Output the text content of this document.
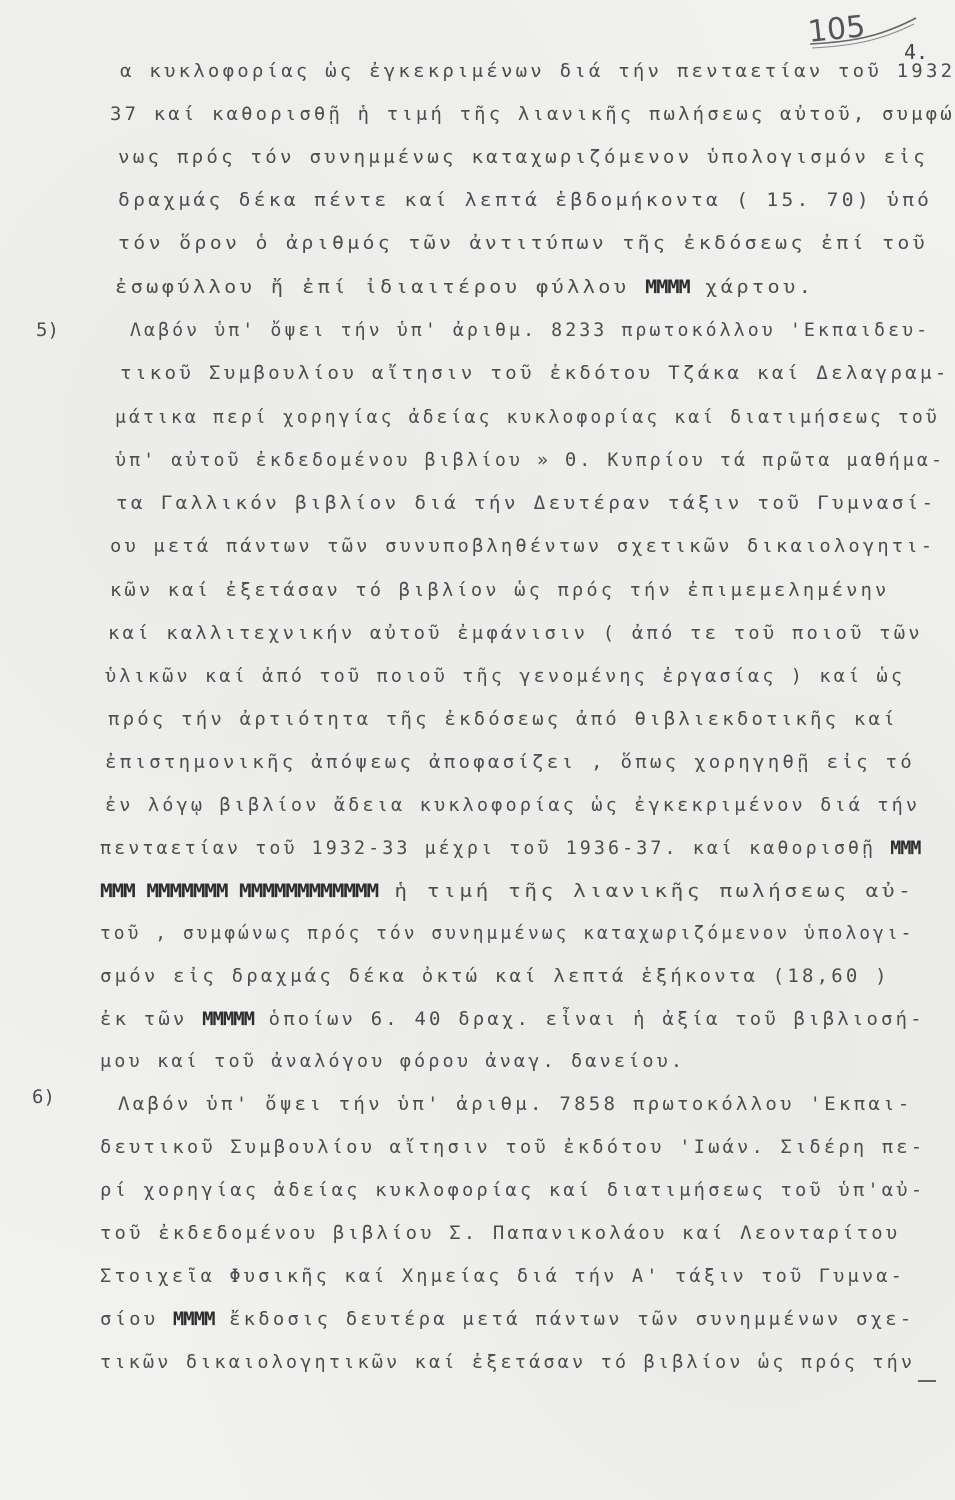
105
4.
5)
6)
α κυκλοφορίας ὡς ἐγκεκριμένων διά τήν πενταετίαν τοῦ 1932
37 καί καθορισθῇ ἡ τιμή τῆς λιανικῆς πωλήσεως αὐτοῦ, συμφώ
νως πρός τόν συνημμένως καταχωριζόμενον ὑπολογισμόν εἰς
δραχμάς δέκα πέντε καί λεπτά ἑβδομήκοντα ( 15. 70) ὑπό
τόν ὅρον ὁ ἀριθμός τῶν ἀντιτύπων τῆς ἐκδόσεως ἐπί τοῦ
ἐσωφύλλου ἤ ἐπί ἰδιαιτέρου φύλλου ΜΜΜΜ χάρτου.
Λαβόν ὑπ' ὄψει τήν ὑπ' ἀριθμ. 8233 πρωτοκόλλου 'Εκπαιδευ-
τικοῦ Συμβουλίου αἴτησιν τοῦ ἐκδότου Τζάκα καί Δελαγραμ-
μάτικα περί χορηγίας ἀδείας κυκλοφορίας καί διατιμήσεως τοῦ
ὑπ' αὐτοῦ ἐκδεδομένου βιβλίου » Θ. Κυπρίου τά πρῶτα μαθήμα-
τα Γαλλικόν βιβλίον διά τήν Δευτέραν τάξιν τοῦ Γυμνασί-
ου μετά πάντων τῶν συνυποβληθέντων σχετικῶν δικαιολογητι-
κῶν καί ἐξετάσαν τό βιβλίον ὡς πρός τήν ἐπιμεμελημένην
καί καλλιτεχνικήν αὐτοῦ ἐμφάνισιν ( ἀπό τε τοῦ ποιοῦ τῶν
ὑλικῶν καί ἀπό τοῦ ποιοῦ τῆς γενομένης ἐργασίας ) καί ὡς
πρός τήν ἀρτιότητα τῆς ἐκδόσεως ἀπό θιβλιεκδοτικῆς καί
ἐπιστημονικῆς ἀπόψεως ἀποφασίζει , ὅπως χορηγηθῇ εἰς τό
ἐν λόγῳ βιβλίον ἄδεια κυκλοφορίας ὡς ἐγκεκριμένον διά τήν
πενταετίαν τοῦ 1932-33 μέχρι τοῦ 1936-37. καί καθορισθῇ ΜΜΜ
ΜΜΜ ΜΜΜΜΜΜΜ ΜΜΜΜΜΜΜΜΜΜΜΜ ἡ τιμή τῆς λιανικῆς πωλήσεως αὐ-
τοῦ , συμφώνως πρός τόν συνημμένως καταχωριζόμενον ὑπολογι-
σμόν εἰς δραχμάς δέκα ὀκτώ καί λεπτά ἑξήκοντα (18,60 )
ἐκ τῶν ΜΜΜΜΜ ὁποίων 6. 40 δραχ. εἶναι ἡ ἀξία τοῦ βιβλιοσή-
μου καί τοῦ ἀναλόγου φόρου ἀναγ. δανείου.
Λαβόν ὑπ' ὄψει τήν ὑπ' ἀριθμ. 7858 πρωτοκόλλου 'Εκπαι-
δευτικοῦ Συμβουλίου αἴτησιν τοῦ ἐκδότου 'Ιωάν. Σιδέρη πε-
ρί χορηγίας ἀδείας κυκλοφορίας καί διατιμήσεως τοῦ ὑπ'αὐ-
τοῦ ἐκδεδομένου βιβλίου Σ. Παπανικολάου καί Λεονταρίτου
Στοιχεῖα Φυσικῆς καί Χημείας διά τήν Α' τάξιν τοῦ Γυμνα-
σίου ΜΜΜΜ ἔκδοσις δευτέρα μετά πάντων τῶν συνημμένων σχε-
τικῶν δικαιολογητικῶν καί ἐξετάσαν τό βιβλίον ὡς πρός τήν
